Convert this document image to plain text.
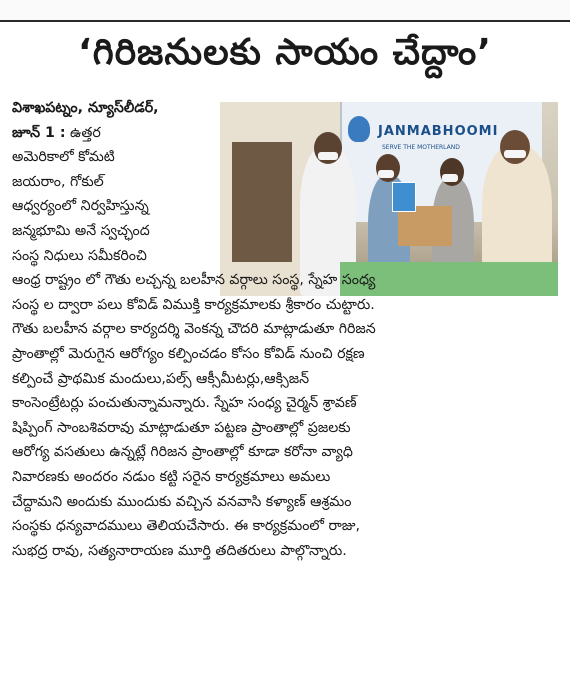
‘గిరిజనులకు సాయం చేద్దాం’
JANMABHOOMI
SERVE THE MOTHERLAND
విశాఖపట్నం, న్యూస్‌లీడర్,
జూన్ 1 : ఉత్తర
అమెరికాలో కోమటి
జయరాం, గోకుల్
ఆధ్వర్యంలో నిర్వహిస్తున్న
జన్మభూమి అనే స్వచ్ఛంద
సంస్థ నిధులు సమీకరించి
ఆంధ్ర రాష్ట్రం లో గౌతు లచ్చన్న బలహీన వర్గాలు సంస్థ, స్నేహ సంధ్య
సంస్థ ల ద్వారా పలు కోవిడ్ విముక్తి కార్యక్రమాలకు శ్రీకారం చుట్టారు.
గౌతు బలహీన వర్గాల కార్యదర్శి వెంకన్న చౌదరి మాట్లాడుతూ గిరిజన
ప్రాంతాల్లో మెరుగైన ఆరోగ్యం కల్పించడం కోసం కోవిడ్ నుంచి రక్షణ
కల్పించే ప్రాథమిక మందులు,పల్స్ ఆక్సీమీటర్లు,ఆక్సిజన్
కాంసెంట్రేటర్లు పంచుతున్నామన్నారు. స్నేహ సంధ్య చైర్మన్ శ్రావణ్
షిప్పింగ్ సాంబశివరావు మాట్లాడుతూ పట్టణ ప్రాంతాల్లో ప్రజలకు
ఆరోగ్య వసతులు ఉన్నట్లే గిరిజన ప్రాంతాల్లో కూడా కరోనా వ్యాధి
నివారణకు అందరం నడుం కట్టి సరైన కార్యక్రమాలు అమలు
చేద్దామని అందుకు ముందుకు వచ్చిన వనవాసి కళ్యాణ్ ఆశ్రమం
సంస్థకు ధన్యవాదములు తెలియచేసారు. ఈ కార్యక్రమంలో రాజు,
సుభద్ర రావు, సత్యనారాయణ మూర్తి తదితరులు పాల్గొన్నారు.
